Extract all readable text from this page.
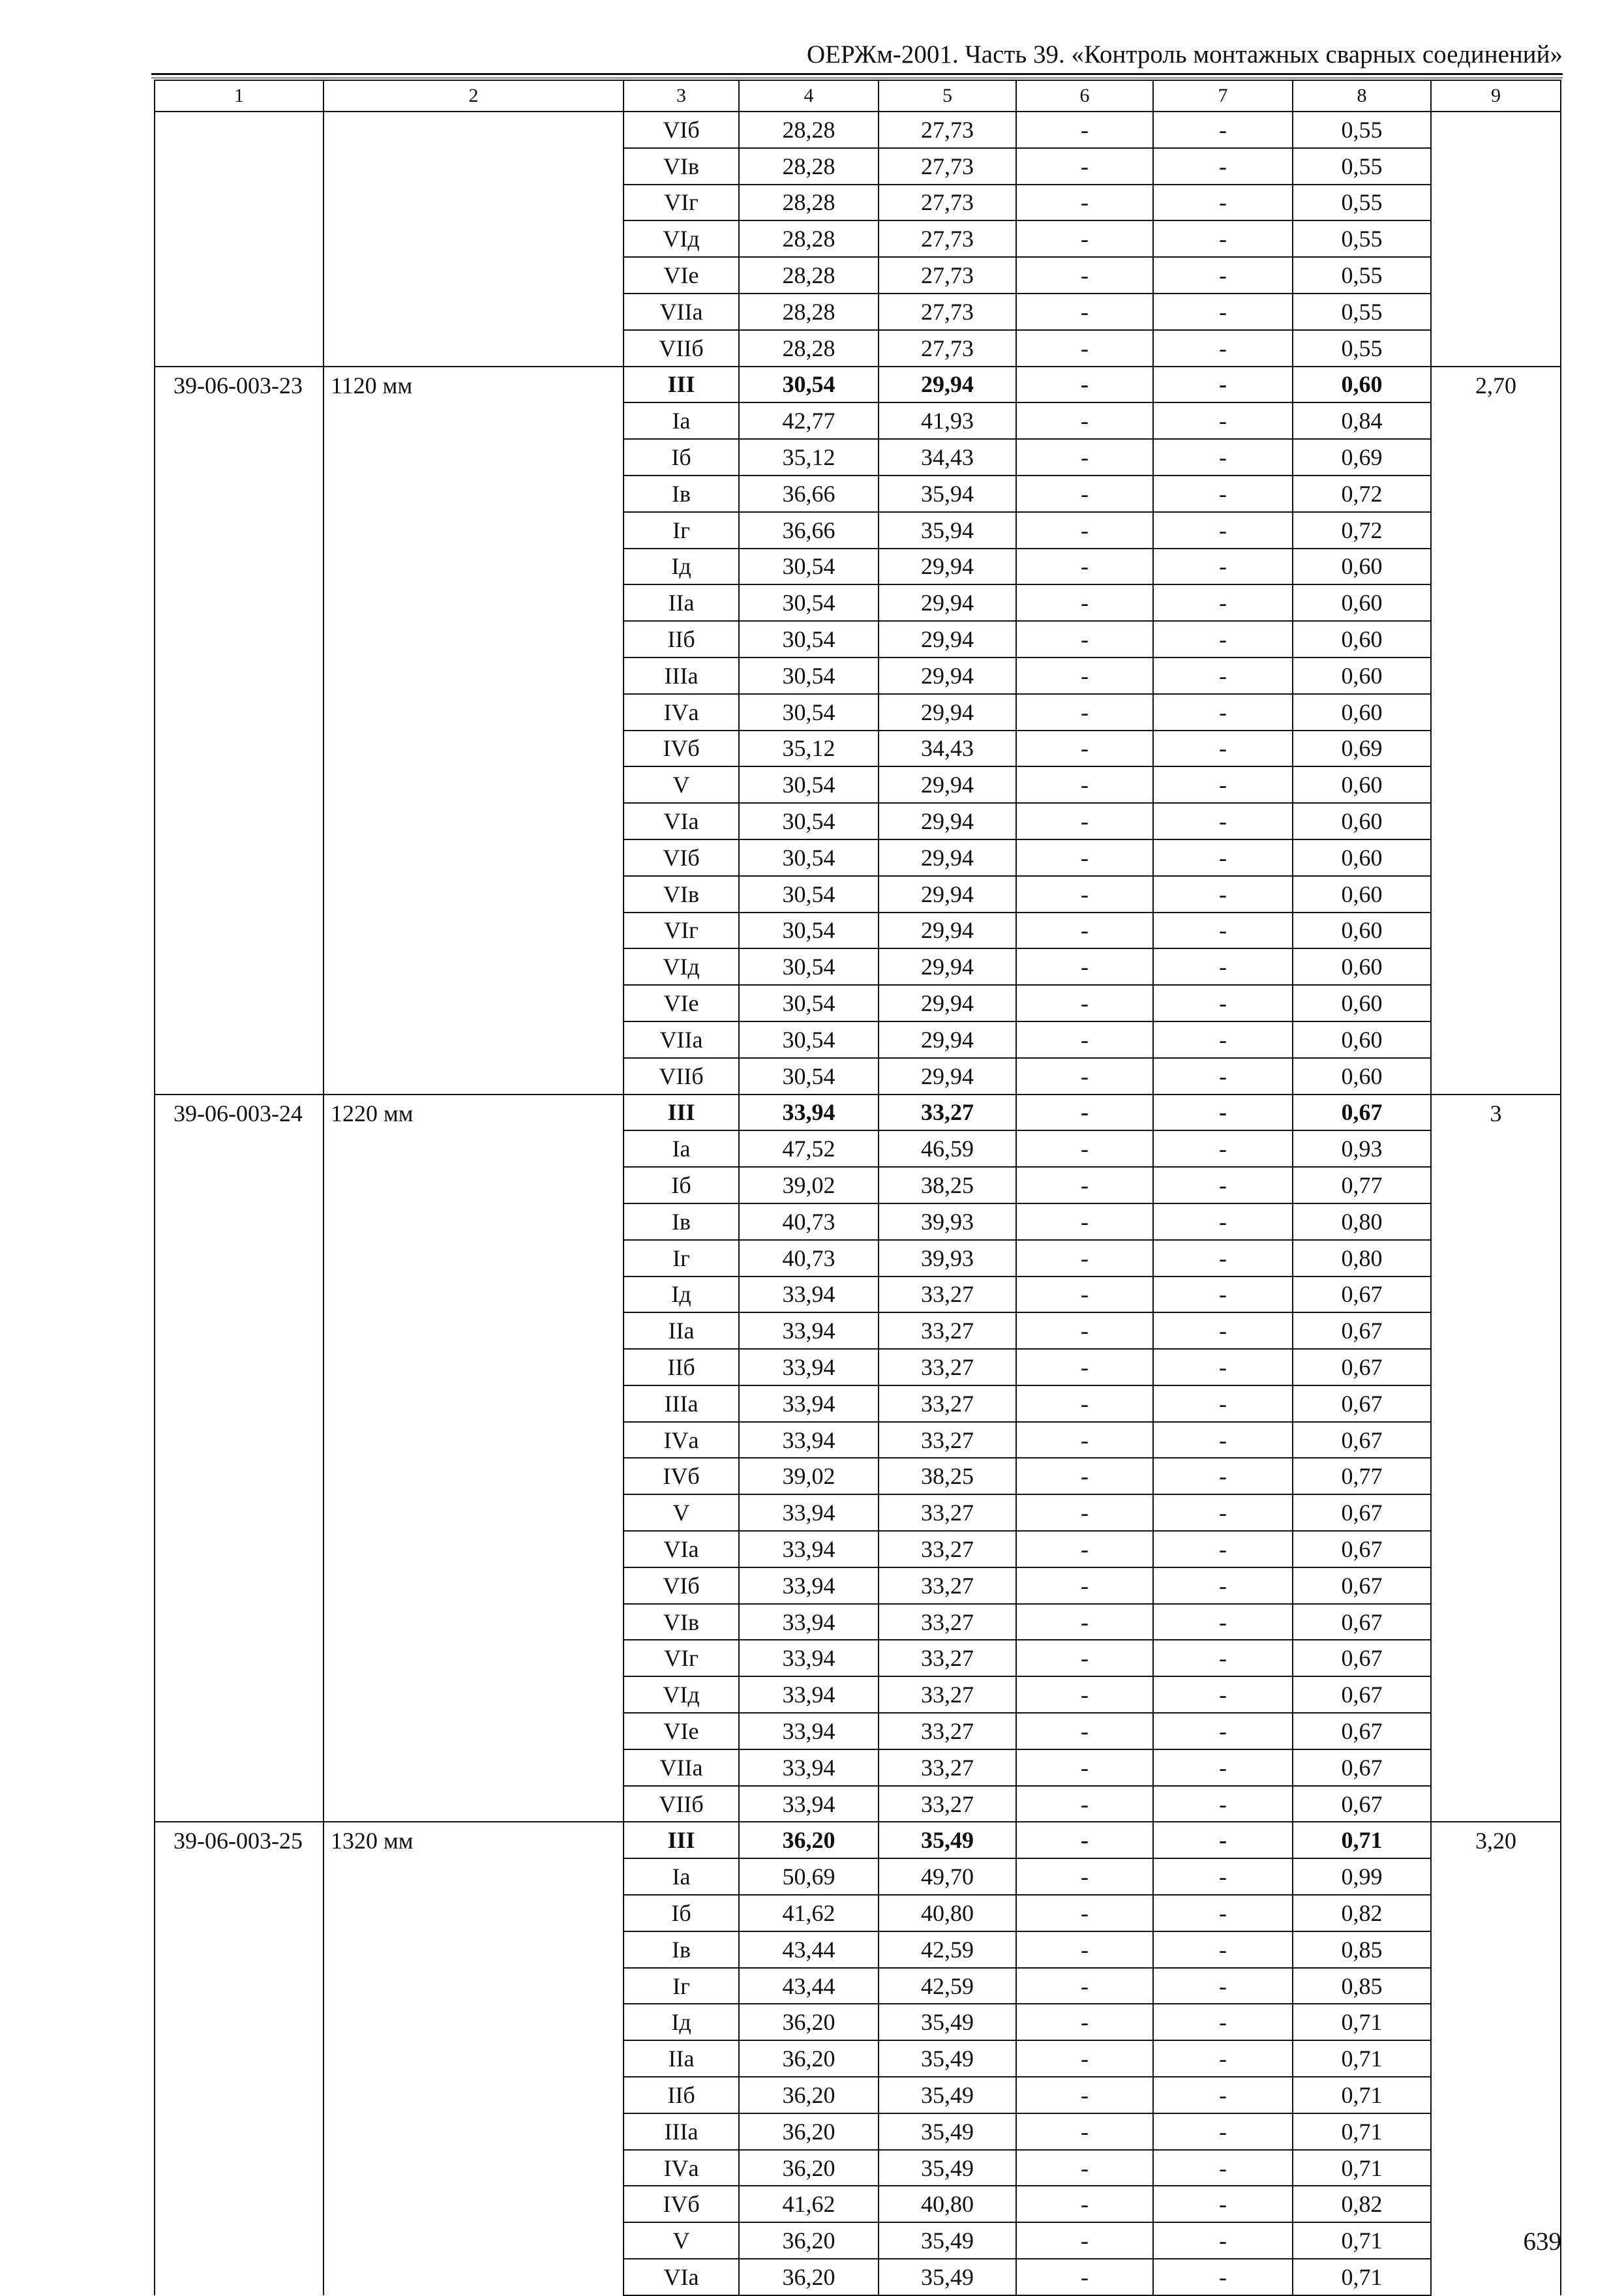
ОЕРЖм-2001. Часть 39. «Контроль монтажных сварных соединений»
1	2	3	4	5	6	7	8	9
		VIб	28,28	27,73	-	-	0,55	
		VIв	28,28	27,73	-	-	0,55	
		VIг	28,28	27,73	-	-	0,55	
		VIд	28,28	27,73	-	-	0,55	
		VIе	28,28	27,73	-	-	0,55	
		VIIа	28,28	27,73	-	-	0,55	
		VIIб	28,28	27,73	-	-	0,55	
39-06-003-23	1120 мм	III	30,54	29,94	-	-	0,60	2,70
		Iа	42,77	41,93	-	-	0,84	
		Iб	35,12	34,43	-	-	0,69	
		Iв	36,66	35,94	-	-	0,72	
		Iг	36,66	35,94	-	-	0,72	
		Iд	30,54	29,94	-	-	0,60	
		IIа	30,54	29,94	-	-	0,60	
		IIб	30,54	29,94	-	-	0,60	
		IIIа	30,54	29,94	-	-	0,60	
		IVа	30,54	29,94	-	-	0,60	
		IVб	35,12	34,43	-	-	0,69	
		V	30,54	29,94	-	-	0,60	
		VIа	30,54	29,94	-	-	0,60	
		VIб	30,54	29,94	-	-	0,60	
		VIв	30,54	29,94	-	-	0,60	
		VIг	30,54	29,94	-	-	0,60	
		VIд	30,54	29,94	-	-	0,60	
		VIе	30,54	29,94	-	-	0,60	
		VIIа	30,54	29,94	-	-	0,60	
		VIIб	30,54	29,94	-	-	0,60	
39-06-003-24	1220 мм	III	33,94	33,27	-	-	0,67	3
		Iа	47,52	46,59	-	-	0,93	
		Iб	39,02	38,25	-	-	0,77	
		Iв	40,73	39,93	-	-	0,80	
		Iг	40,73	39,93	-	-	0,80	
		Iд	33,94	33,27	-	-	0,67	
		IIа	33,94	33,27	-	-	0,67	
		IIб	33,94	33,27	-	-	0,67	
		IIIа	33,94	33,27	-	-	0,67	
		IVа	33,94	33,27	-	-	0,67	
		IVб	39,02	38,25	-	-	0,77	
		V	33,94	33,27	-	-	0,67	
		VIа	33,94	33,27	-	-	0,67	
		VIб	33,94	33,27	-	-	0,67	
		VIв	33,94	33,27	-	-	0,67	
		VIг	33,94	33,27	-	-	0,67	
		VIд	33,94	33,27	-	-	0,67	
		VIе	33,94	33,27	-	-	0,67	
		VIIа	33,94	33,27	-	-	0,67	
		VIIб	33,94	33,27	-	-	0,67	
39-06-003-25	1320 мм	III	36,20	35,49	-	-	0,71	3,20
		Iа	50,69	49,70	-	-	0,99	
		Iб	41,62	40,80	-	-	0,82	
		Iв	43,44	42,59	-	-	0,85	
		Iг	43,44	42,59	-	-	0,85	
		Iд	36,20	35,49	-	-	0,71	
		IIа	36,20	35,49	-	-	0,71	
		IIб	36,20	35,49	-	-	0,71	
		IIIа	36,20	35,49	-	-	0,71	
		IVа	36,20	35,49	-	-	0,71	
		IVб	41,62	40,80	-	-	0,82	
		V	36,20	35,49	-	-	0,71	
		VIа	36,20	35,49	-	-	0,71	
639
